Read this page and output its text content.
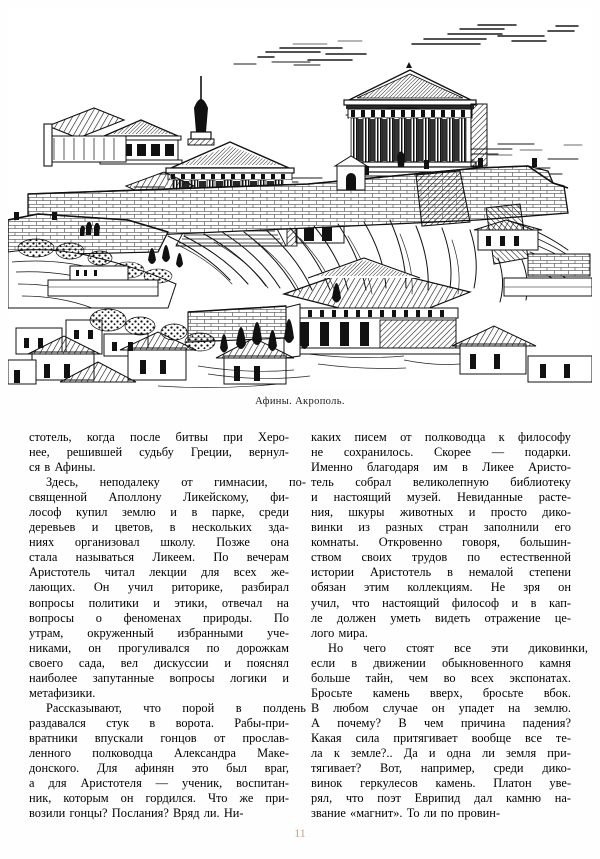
Афины. Акрополь.
стотель, когда после битвы при Херо-
нее, решившей судьбу Греции, вернул-
ся в Афины.
Здесь, неподалеку от гимнасии, по-
священной Аполлону Ликейскому, фи-
лософ купил землю и в парке, среди
деревьев и цветов, в нескольких зда-
ниях организовал школу. Позже она
стала называться Ликеем. По вечерам
Аристотель читал лекции для всех же-
лающих. Он учил риторике, разбирал
вопросы политики и этики, отвечал на
вопросы о феноменах природы. По
утрам, окруженный избранными уче-
никами, он прогуливался по дорожкам
своего сада, вел дискуссии и пояснял
наиболее запутанные вопросы логики и
метафизики.
Рассказывают, что порой в полдень
раздавался стук в ворота. Рабы-при-
вратники впускали гонцов от прослав-
ленного полководца Александра Маке-
донского. Для афинян это был враг,
а для Аристотеля — ученик, воспитан-
ник, которым он гордился. Что же при-
возили гонцы? Послания? Вряд ли. Ни-
каких писем от полководца к философу
не сохранилось. Скорее — подарки.
Именно благодаря им в Ликее Аристо-
тель собрал великолепную библиотеку
и настоящий музей. Невиданные расте-
ния, шкуры животных и просто дико-
винки из разных стран заполнили его
комнаты. Откровенно говоря, большин-
ством своих трудов по естественной
истории Аристотель в немалой степени
обязан этим коллекциям. Не зря он
учил, что настоящий философ и в кап-
ле должен уметь видеть отражение це-
лого мира.
Но чего стоят все эти диковинки,
если в движении обыкновенного камня
больше тайн, чем во всех экспонатах.
Бросьте камень вверх, бросьте вбок.
В любом случае он упадет на землю.
А почему? В чем причина падения?
Какая сила притягивает вообще все те-
ла к земле?.. Да и одна ли земля при-
тягивает? Вот, например, среди дико-
винок геркулесов камень. Платон уве-
рял, что поэт Еврипид дал камню на-
звание «магнит». То ли по провин-
11
